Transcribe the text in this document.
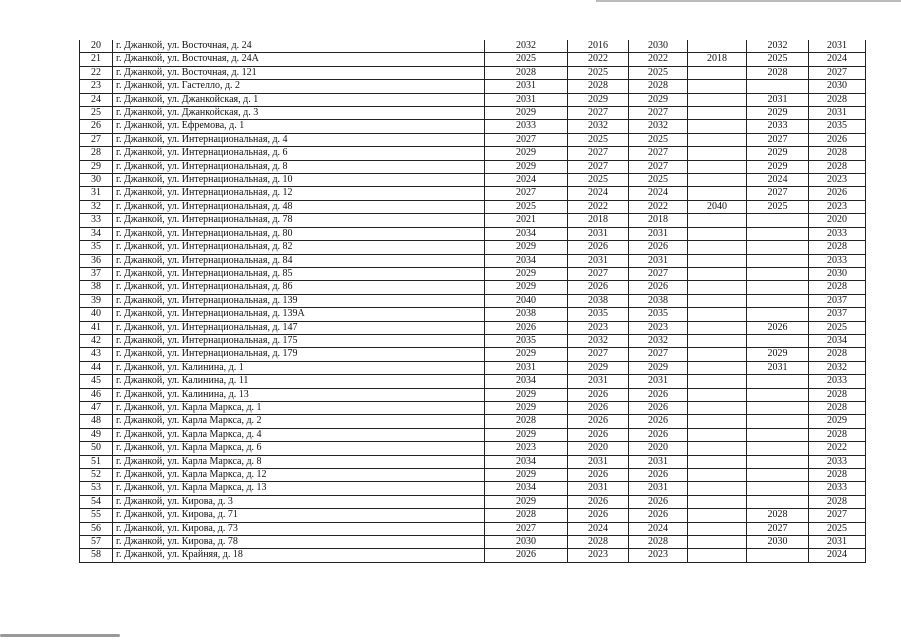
20	г. Джанкой, ул. Восточная, д. 24	2032	2016	2030		2032	2031
21	г. Джанкой, ул. Восточная, д. 24А	2025	2022	2022	2018	2025	2024
22	г. Джанкой, ул. Восточная, д. 121	2028	2025	2025		2028	2027
23	г. Джанкой, ул. Гастелло, д. 2	2031	2028	2028			2030
24	г. Джанкой, ул. Джанкойская, д. 1	2031	2029	2029		2031	2028
25	г. Джанкой, ул. Джанкойская, д. 3	2029	2027	2027		2029	2031
26	г. Джанкой, ул. Ефремова, д. 1	2033	2032	2032		2033	2035
27	г. Джанкой, ул. Интернациональная, д. 4	2027	2025	2025		2027	2026
28	г. Джанкой, ул. Интернациональная, д. 6	2029	2027	2027		2029	2028
29	г. Джанкой, ул. Интернациональная, д. 8	2029	2027	2027		2029	2028
30	г. Джанкой, ул. Интернациональная, д. 10	2024	2025	2025		2024	2023
31	г. Джанкой, ул. Интернациональная, д. 12	2027	2024	2024		2027	2026
32	г. Джанкой, ул. Интернациональная, д. 48	2025	2022	2022	2040	2025	2023
33	г. Джанкой, ул. Интернациональная, д. 78	2021	2018	2018			2020
34	г. Джанкой, ул. Интернациональная, д. 80	2034	2031	2031			2033
35	г. Джанкой, ул. Интернациональная, д. 82	2029	2026	2026			2028
36	г. Джанкой, ул. Интернациональная, д. 84	2034	2031	2031			2033
37	г. Джанкой, ул. Интернациональная, д. 85	2029	2027	2027			2030
38	г. Джанкой, ул. Интернациональная, д. 86	2029	2026	2026			2028
39	г. Джанкой, ул. Интернациональная, д. 139	2040	2038	2038			2037
40	г. Джанкой, ул. Интернациональная, д. 139А	2038	2035	2035			2037
41	г. Джанкой, ул. Интернациональная, д. 147	2026	2023	2023		2026	2025
42	г. Джанкой, ул. Интернациональная, д. 175	2035	2032	2032			2034
43	г. Джанкой, ул. Интернациональная, д. 179	2029	2027	2027		2029	2028
44	г. Джанкой, ул. Калинина, д. 1	2031	2029	2029		2031	2032
45	г. Джанкой, ул. Калинина, д. 11	2034	2031	2031			2033
46	г. Джанкой, ул. Калинина, д. 13	2029	2026	2026			2028
47	г. Джанкой, ул. Карла Маркса, д. 1	2029	2026	2026			2028
48	г. Джанкой, ул. Карла Маркса, д. 2	2028	2026	2026			2029
49	г. Джанкой, ул. Карла Маркса, д. 4	2029	2026	2026			2028
50	г. Джанкой, ул. Карла Маркса, д. 6	2023	2020	2020			2022
51	г. Джанкой, ул. Карла Маркса, д. 8	2034	2031	2031			2033
52	г. Джанкой, ул. Карла Маркса, д. 12	2029	2026	2026			2028
53	г. Джанкой, ул. Карла Маркса, д. 13	2034	2031	2031			2033
54	г. Джанкой, ул. Кирова, д. 3	2029	2026	2026			2028
55	г. Джанкой, ул. Кирова, д. 71	2028	2026	2026		2028	2027
56	г. Джанкой, ул. Кирова, д. 73	2027	2024	2024		2027	2025
57	г. Джанкой, ул. Кирова, д. 78	2030	2028	2028		2030	2031
58	г. Джанкой, ул. Крайняя, д. 18	2026	2023	2023			2024
